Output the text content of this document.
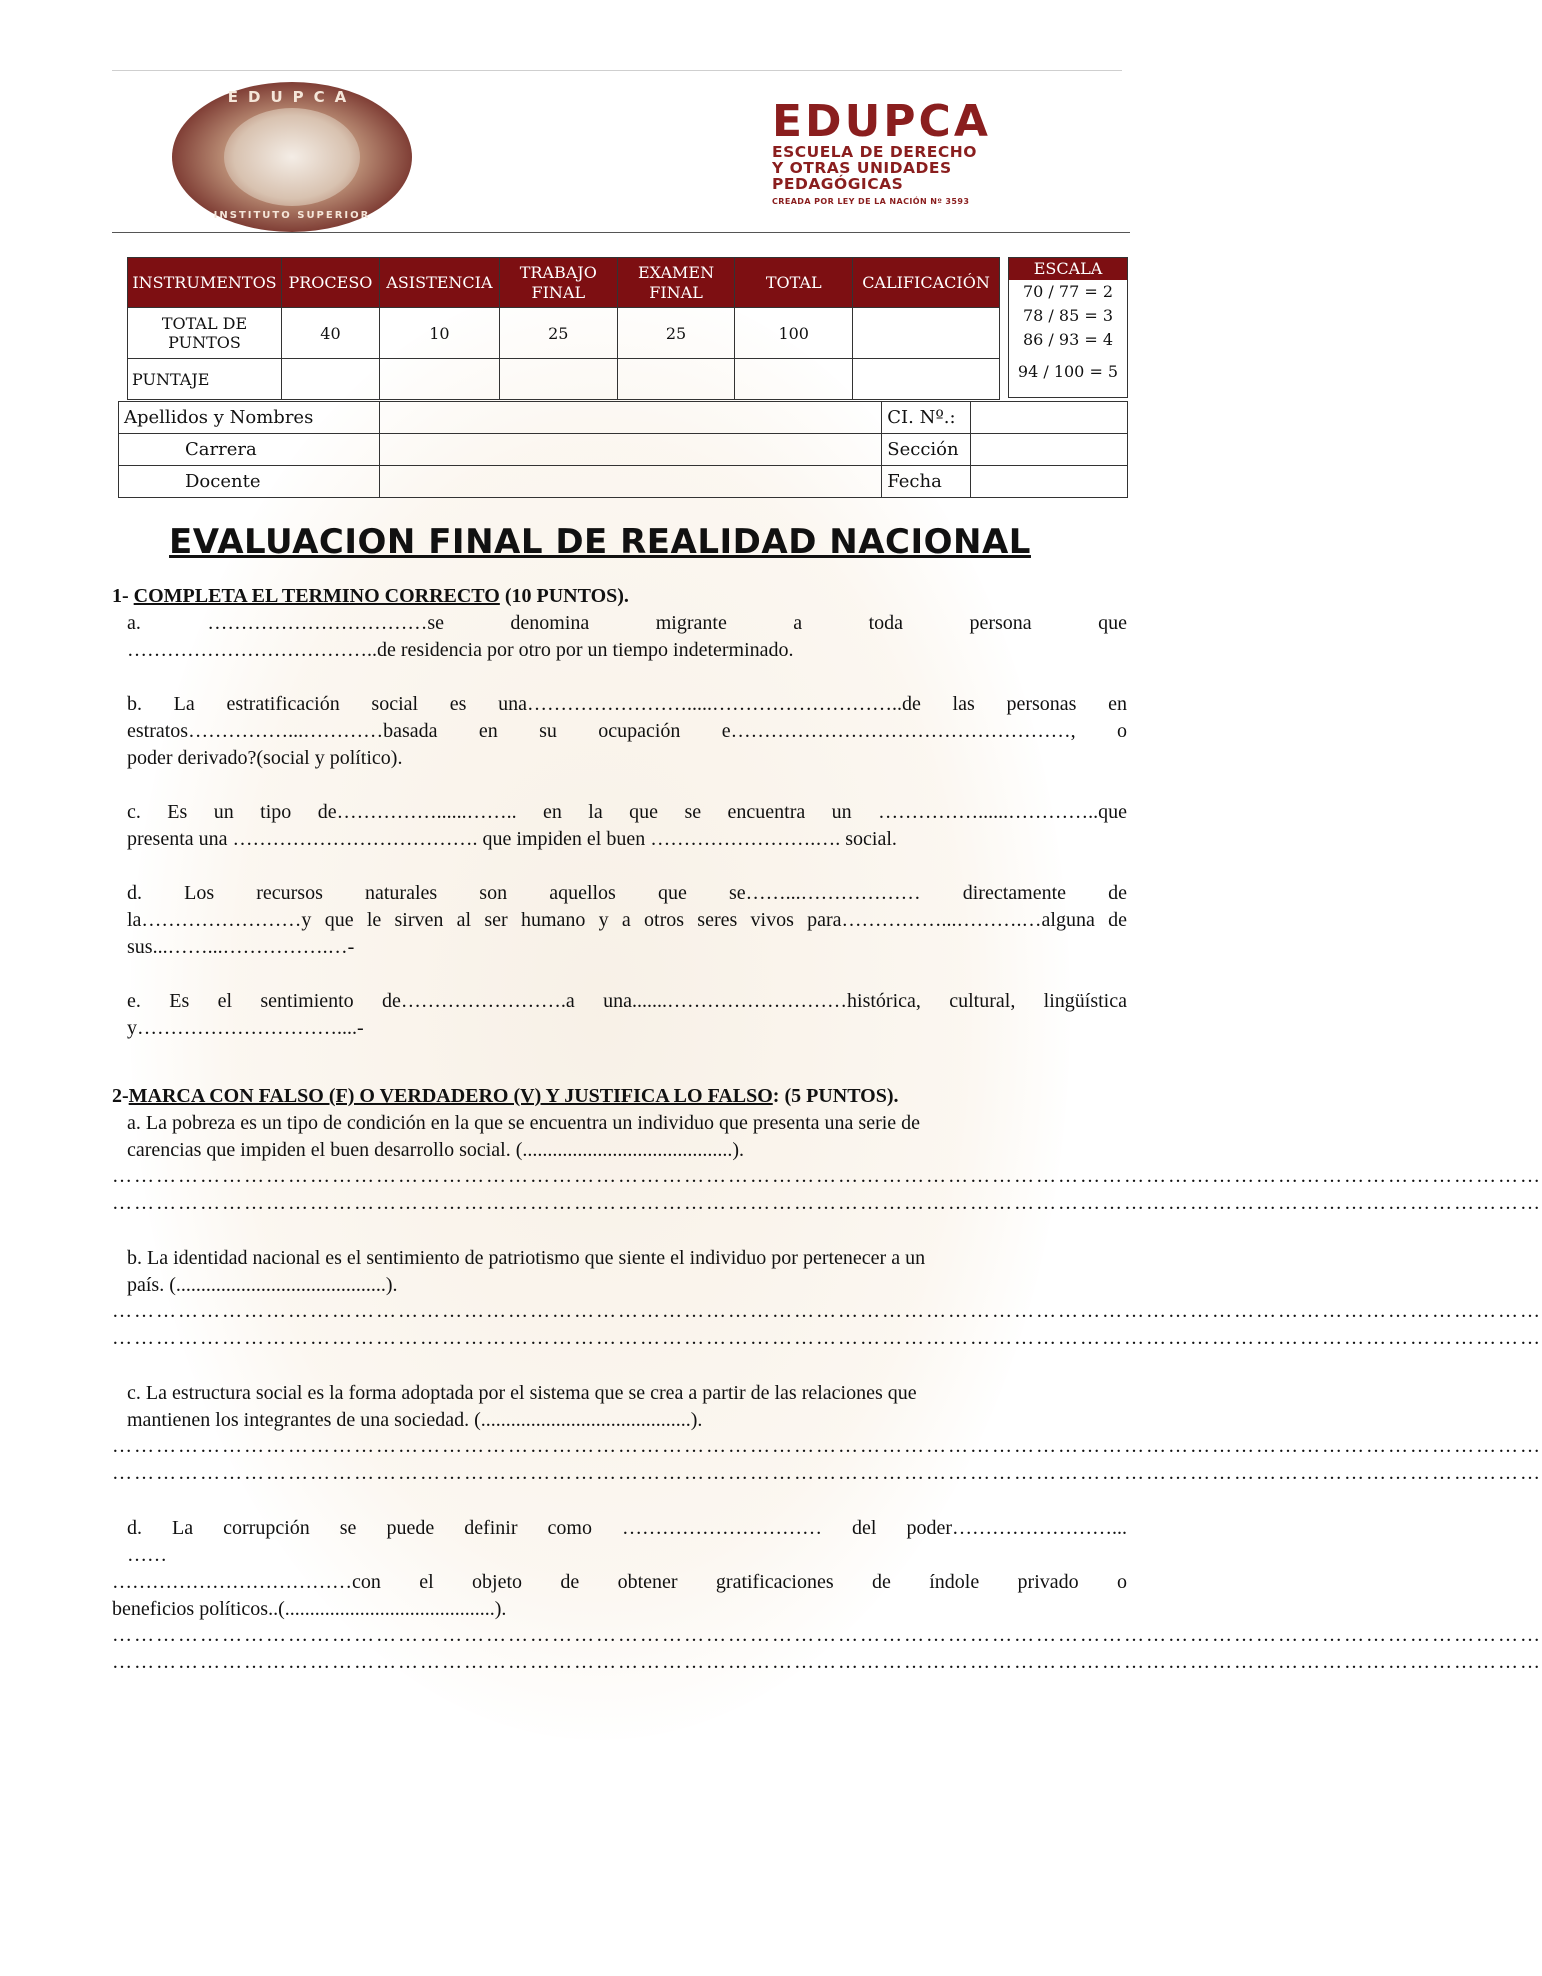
EDUPCA
INSTITUTO SUPERIOR
EDUPCA
ESCUELA DE DERECHO
Y OTRAS UNIDADES
PEDAGÓGICAS
CREADA POR LEY DE LA NACIÓN Nº 3593
INSTRUMENTOS	PROCESO	ASISTENCIA	TRABAJO FINAL	EXAMEN FINAL	TOTAL	CALIFICACIÓN
TOTAL DE PUNTOS	40	10	25	25	100	
PUNTAJE						
ESCALA
70 / 77 = 2
78 / 85 = 3
86 / 93 = 4
94 / 100 = 5
Apellidos y Nombres		CI. Nº.:	
Carrera		Sección	
Docente		Fecha	
EVALUACION FINAL DE REALIDAD NACIONAL
1- COMPLETA EL TERMINO CORRECTO (10 PUNTOS).
a. ……………………………se denomina migrante a toda persona que
………………………………..de residencia por otro por un tiempo indeterminado.
b. La estratificación social es una…………………….....………………………..de las personas en
estratos……………...…………basada en su ocupación e……………………………………………, o
poder derivado?(social y político).
c. Es un tipo de……………......…….. en la que se encuentra un ……………......…………..que
presenta una ………………………………. que impiden el buen …………………….…. social.
d. Los recursos naturales son aquellos que se……...……………… directamente de
la……………………y que le sirven al ser humano y a otros seres vivos para……………...……….…alguna de
sus...……...…………….…-
e. Es el sentimiento de…………………….a una.......………………………histórica, cultural, lingüística
y…………………………....-
2-MARCA CON FALSO (F) O VERDADERO (V) Y JUSTIFICA LO FALSO: (5 PUNTOS).
a. La pobreza es un tipo de condición en la que se encuentra un individuo que presenta una serie de
carencias que impiden el buen desarrollo social. (..........................................).
……………………………………………………………………………………………………………………………………………………………………………
……………………………………………………………………………………………………………………………………………………………………………
b. La identidad nacional es el sentimiento de patriotismo que siente el individuo por pertenecer a un
país. (..........................................).
……………………………………………………………………………………………………………………………………………………………………………
……………………………………………………………………………………………………………………………………………………………………………
c. La estructura social es la forma adoptada por el sistema que se crea a partir de las relaciones que
mantienen los integrantes de una sociedad. (..........................................).
……………………………………………………………………………………………………………………………………………………………………………
……………………………………………………………………………………………………………………………………………………………………………
d. La corrupción se puede definir como ………………………… del poder……………………...
……
………………………………con el objeto de obtener gratificaciones de índole privado o
beneficios políticos..(..........................................).
……………………………………………………………………………………………………………………………………………………………………………
……………………………………………………………………………………………………………………………………………………………………………
